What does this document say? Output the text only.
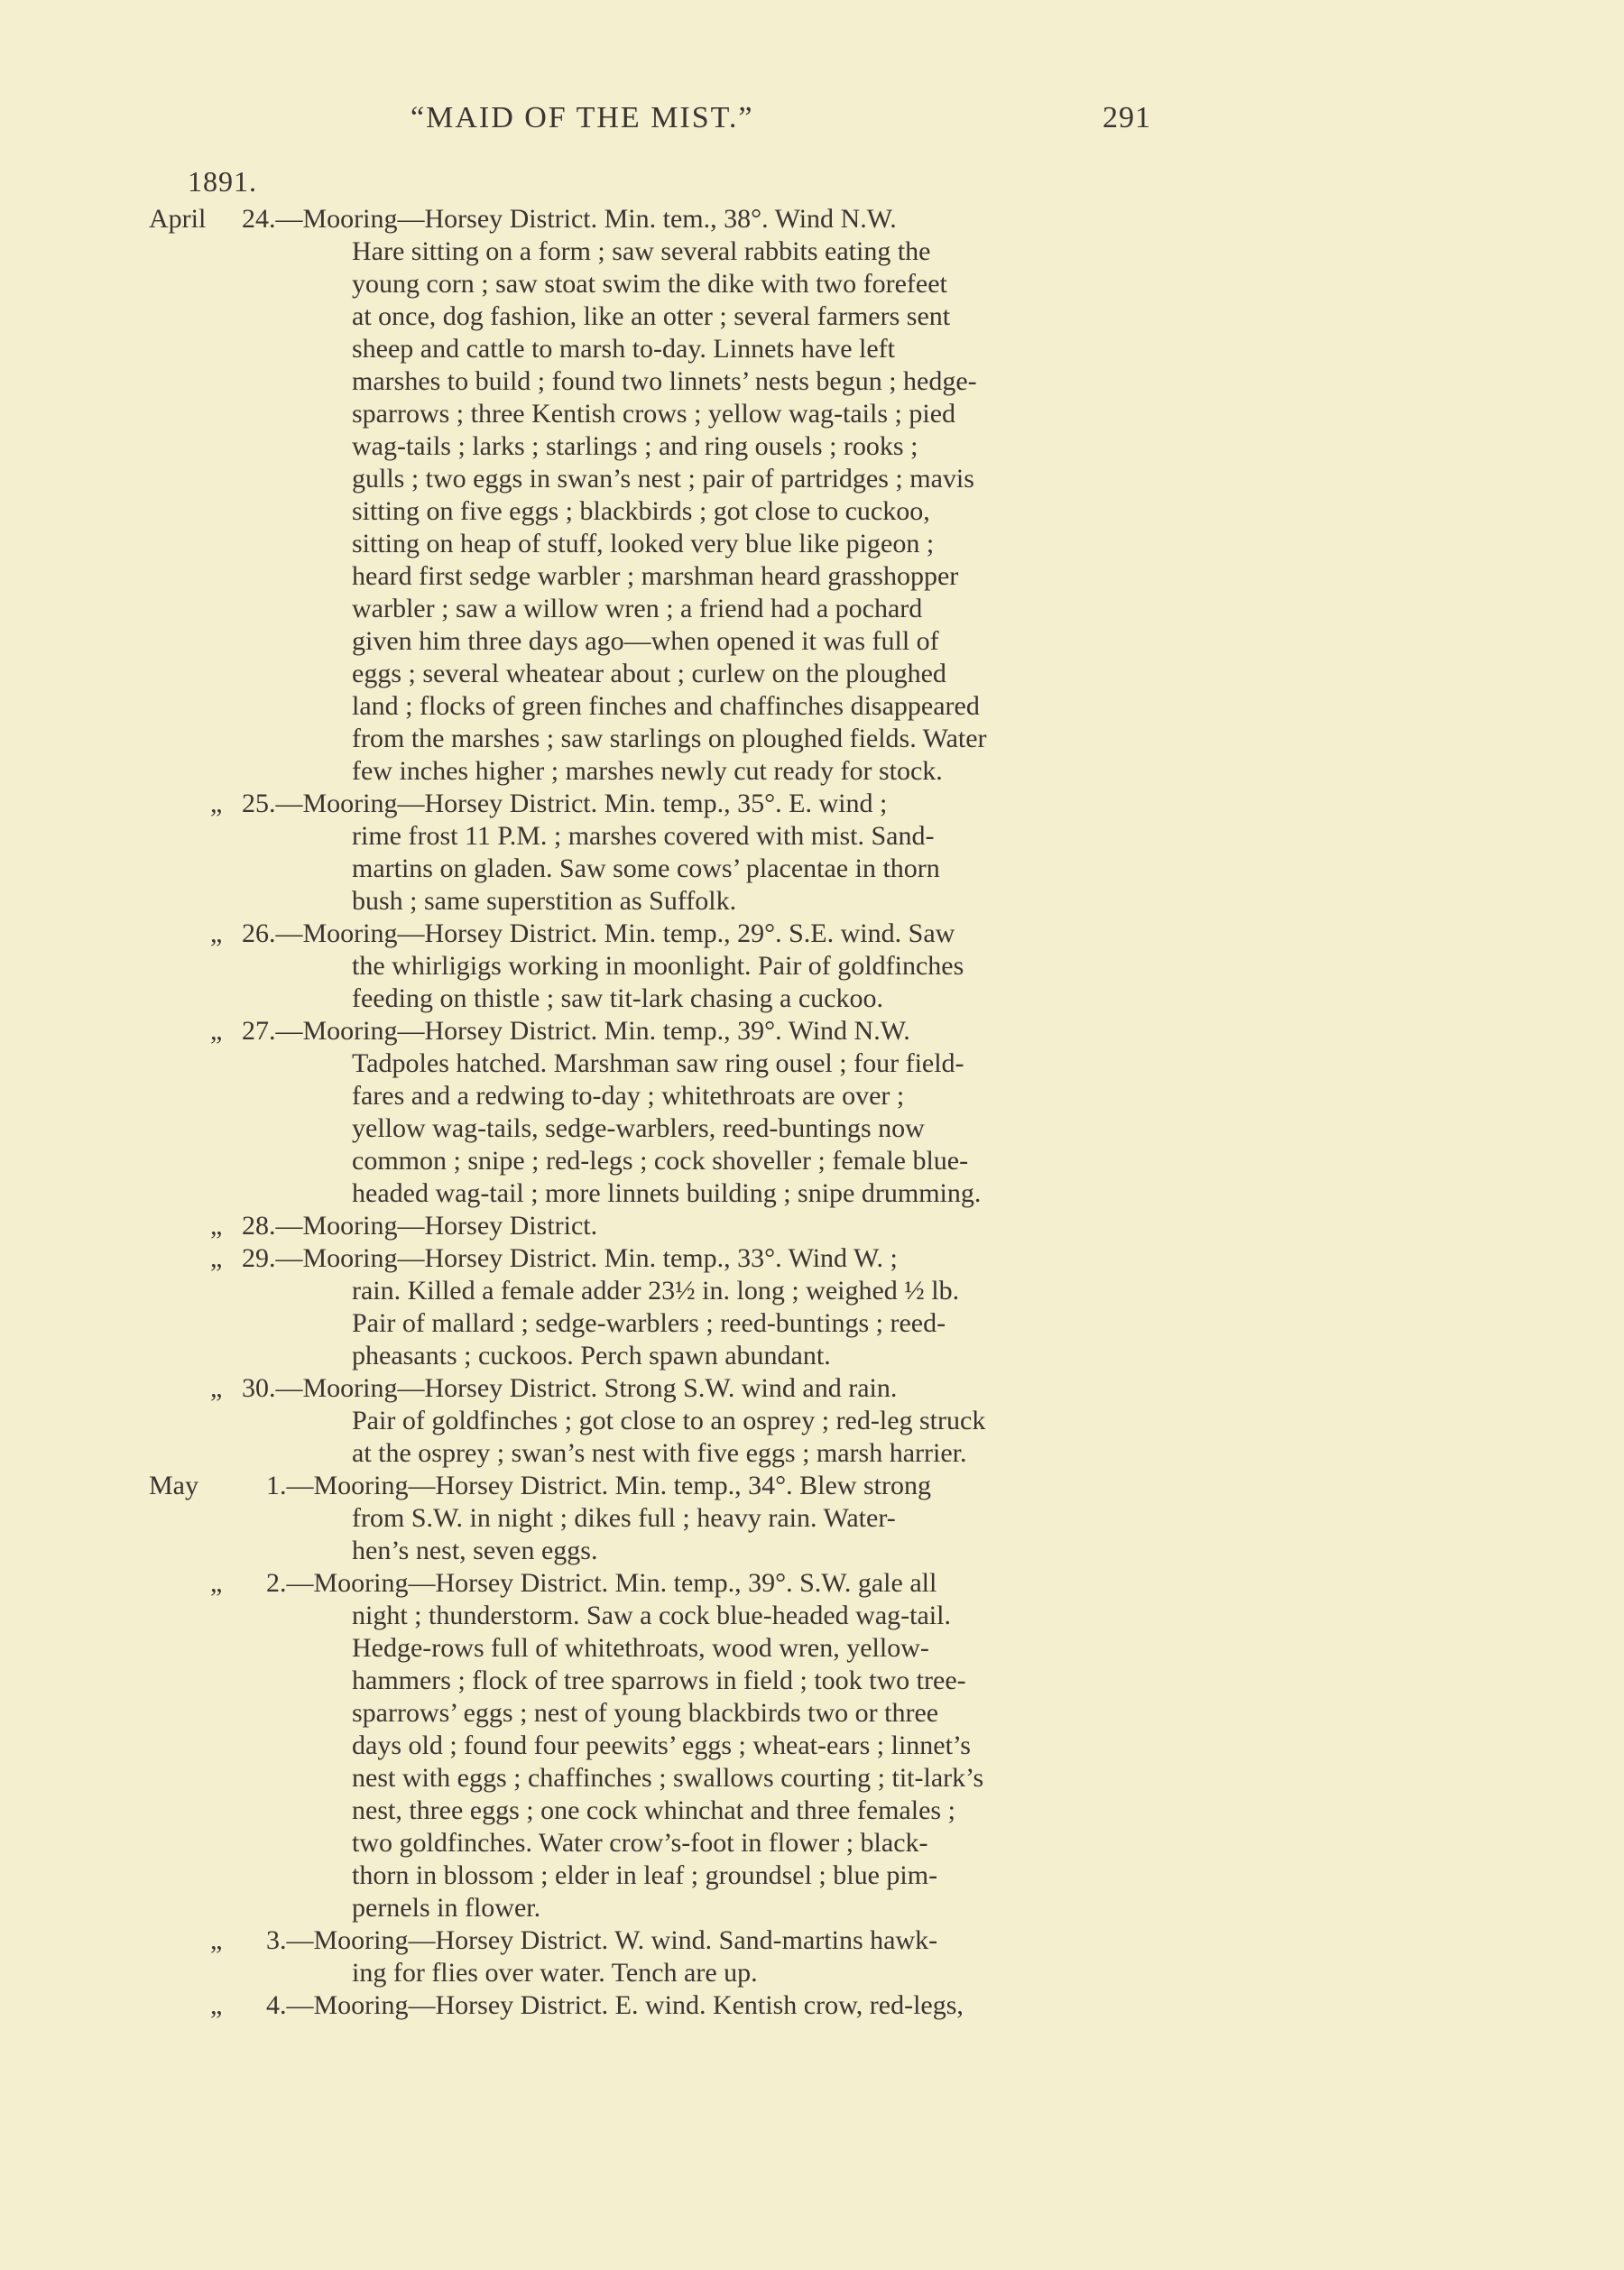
“MAID OF THE MIST.”	291
1891.
April 24.—Mooring—Horsey District. Min. tem., 38°. Wind N.W.
Hare sitting on a form ; saw several rabbits eating the
young corn ; saw stoat swim the dike with two forefeet
at once, dog fashion, like an otter ; several farmers sent
sheep and cattle to marsh to-day. Linnets have left
marshes to build ; found two linnets’ nests begun ; hedge-
sparrows ; three Kentish crows ; yellow wag-tails ; pied
wag-tails ; larks ; starlings ; and ring ousels ; rooks ;
gulls ; two eggs in swan’s nest ; pair of partridges ; mavis
sitting on five eggs ; blackbirds ; got close to cuckoo,
sitting on heap of stuff, looked very blue like pigeon ;
heard first sedge warbler ; marshman heard grasshopper
warbler ; saw a willow wren ; a friend had a pochard
given him three days ago—when opened it was full of
eggs ; several wheatear about ; curlew on the ploughed
land ; flocks of green finches and chaffinches disappeared
from the marshes ; saw starlings on ploughed fields. Water
few inches higher ; marshes newly cut ready for stock.
„ 25.—Mooring—Horsey District. Min. temp., 35°. E. wind ;
rime frost 11 P.M. ; marshes covered with mist. Sand-
martins on gladen. Saw some cows’ placentae in thorn
bush ; same superstition as Suffolk.
„ 26.—Mooring—Horsey District. Min. temp., 29°. S.E. wind. Saw
the whirligigs working in moonlight. Pair of goldfinches
feeding on thistle ; saw tit-lark chasing a cuckoo.
„ 27.—Mooring—Horsey District. Min. temp., 39°. Wind N.W.
Tadpoles hatched. Marshman saw ring ousel ; four field-
fares and a redwing to-day ; whitethroats are over ;
yellow wag-tails, sedge-warblers, reed-buntings now
common ; snipe ; red-legs ; cock shoveller ; female blue-
headed wag-tail ; more linnets building ; snipe drumming.
„ 28.—Mooring—Horsey District.
„ 29.—Mooring—Horsey District. Min. temp., 33°. Wind W. ;
rain. Killed a female adder 23½ in. long ; weighed ½ lb.
Pair of mallard ; sedge-warblers ; reed-buntings ; reed-
pheasants ; cuckoos. Perch spawn abundant.
„ 30.—Mooring—Horsey District. Strong S.W. wind and rain.
Pair of goldfinches ; got close to an osprey ; red-leg struck
at the osprey ; swan’s nest with five eggs ; marsh harrier.
May	1.—Mooring—Horsey District. Min. temp., 34°. Blew strong
from S.W. in night ; dikes full ; heavy rain. Water-
hen’s nest, seven eggs.
„ 2.—Mooring—Horsey District. Min. temp., 39°. S.W. gale all
night ; thunderstorm. Saw a cock blue-headed wag-tail.
Hedge-rows full of whitethroats, wood wren, yellow-
hammers ; flock of tree sparrows in field ; took two tree-
sparrows’ eggs ; nest of young blackbirds two or three
days old ; found four peewits’ eggs ; wheat-ears ; linnet’s
nest with eggs ; chaffinches ; swallows courting ; tit-lark’s
nest, three eggs ; one cock whinchat and three females ;
two goldfinches. Water crow’s-foot in flower ; black-
thorn in blossom ; elder in leaf ; groundsel ; blue pim-
pernels in flower.
„ 3.—Mooring—Horsey District. W. wind. Sand-martins hawk-
ing for flies over water. Tench are up.
„ 4.—Mooring—Horsey District. E. wind. Kentish crow, red-legs,
